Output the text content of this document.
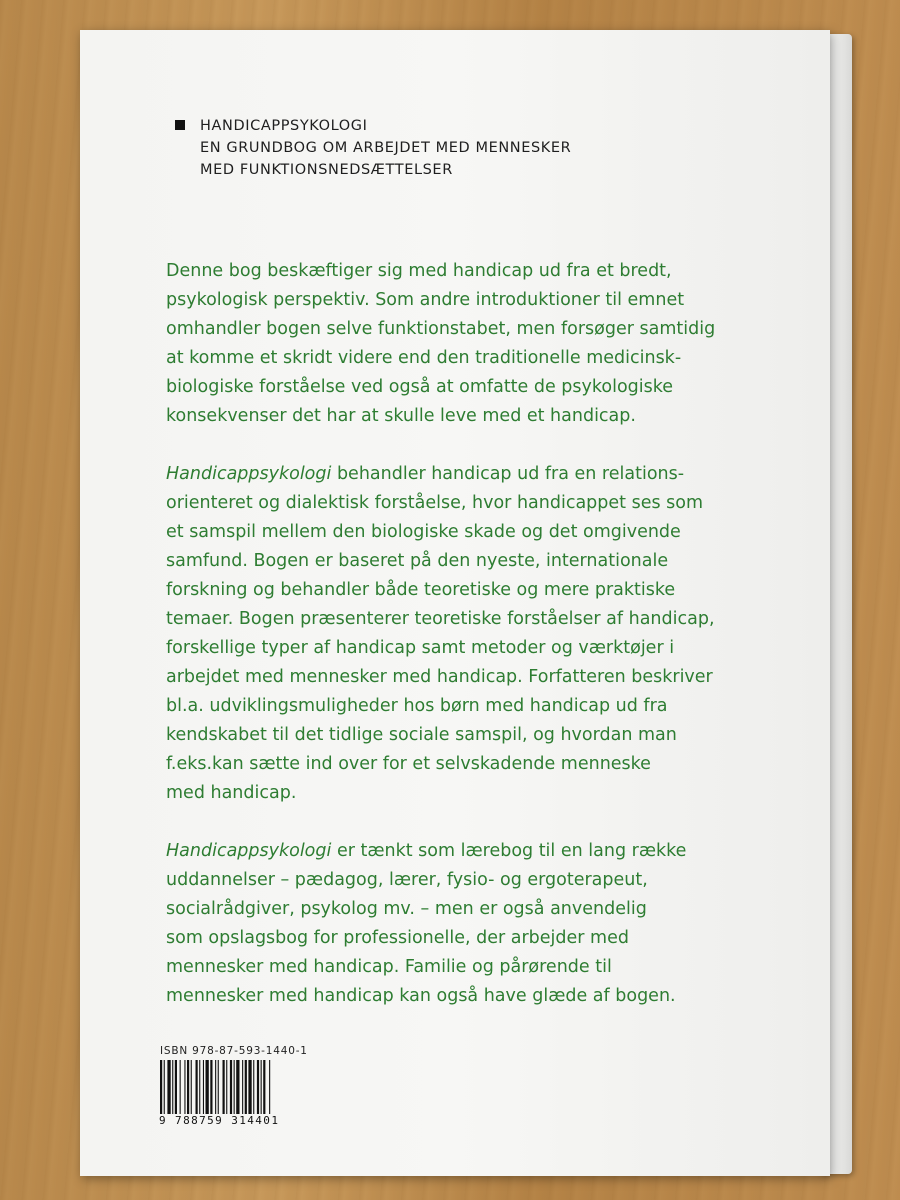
HANDICAPPSYKOLOGI
EN GRUNDBOG OM ARBEJDET MED MENNESKER
MED FUNKTIONSNEDSÆTTELSER
Denne bog beskæftiger sig med handicap ud fra et bredt,
psykologisk perspektiv. Som andre introduktioner til emnet
omhandler bogen selve funktionstabet, men forsøger samtidig
at komme et skridt videre end den traditionelle medicinsk-
biologiske forståelse ved også at omfatte de psykologiske
konsekvenser det har at skulle leve med et handicap.
Handicappsykologi behandler handicap ud fra en relations-
orienteret og dialektisk forståelse, hvor handicappet ses som
et samspil mellem den biologiske skade og det omgivende
samfund. Bogen er baseret på den nyeste, internationale
forskning og behandler både teoretiske og mere praktiske
temaer. Bogen præsenterer teoretiske forståelser af handicap,
forskellige typer af handicap samt metoder og værktøjer i
arbejdet med mennesker med handicap. Forfatteren beskriver
bl.a. udviklingsmuligheder hos børn med handicap ud fra
kendskabet til det tidlige sociale samspil, og hvordan man
f.eks.kan sætte ind over for et selvskadende menneske
med handicap.
Handicappsykologi er tænkt som lærebog til en lang række
uddannelser – pædagog, lærer, fysio- og ergoterapeut,
socialrådgiver, psykolog mv. – men er også anvendelig
som opslagsbog for professionelle, der arbejder med
mennesker med handicap. Familie og pårørende til
mennesker med handicap kan også have glæde af bogen.
ISBN 978-87-593-1440-1
9 788759 314401
